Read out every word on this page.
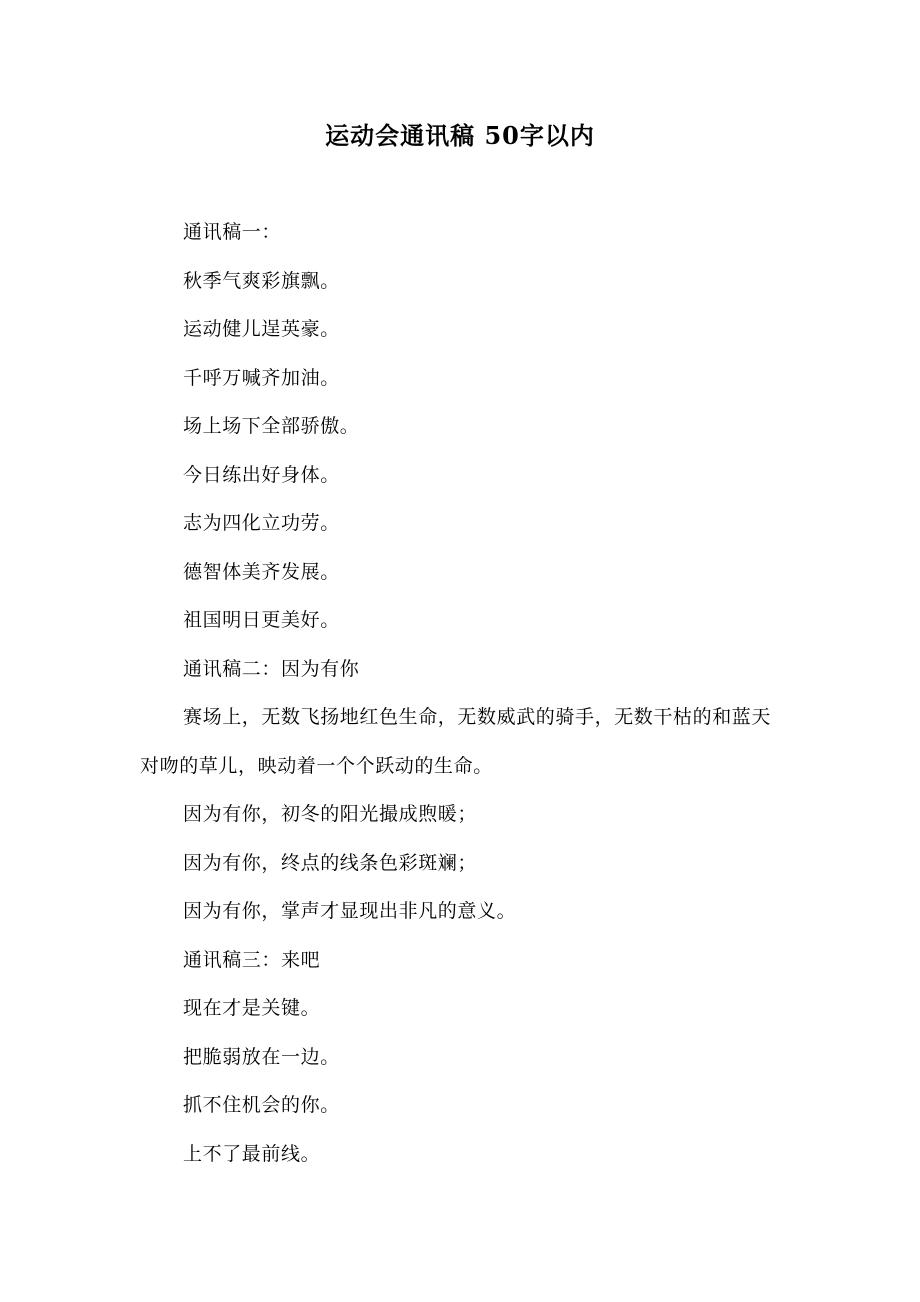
运动会通讯稿 50字以内

通讯稿一：

秋季气爽彩旗飘。

运动健儿逞英豪。

千呼万喊齐加油。

场上场下全部骄傲。

今日练出好身体。

志为四化立功劳。

德智体美齐发展。

祖国明日更美好。

通讯稿二：因为有你

赛场上，无数飞扬地红色生命，无数威武的骑手，无数干枯的和蓝天对吻的草儿，映动着一个个跃动的生命。

因为有你，初冬的阳光撮成煦暖；

因为有你，终点的线条色彩斑斓；

因为有你，掌声才显现出非凡的意义。

通讯稿三：来吧

现在才是关键。

把脆弱放在一边。

抓不住机会的你。

上不了最前线。
